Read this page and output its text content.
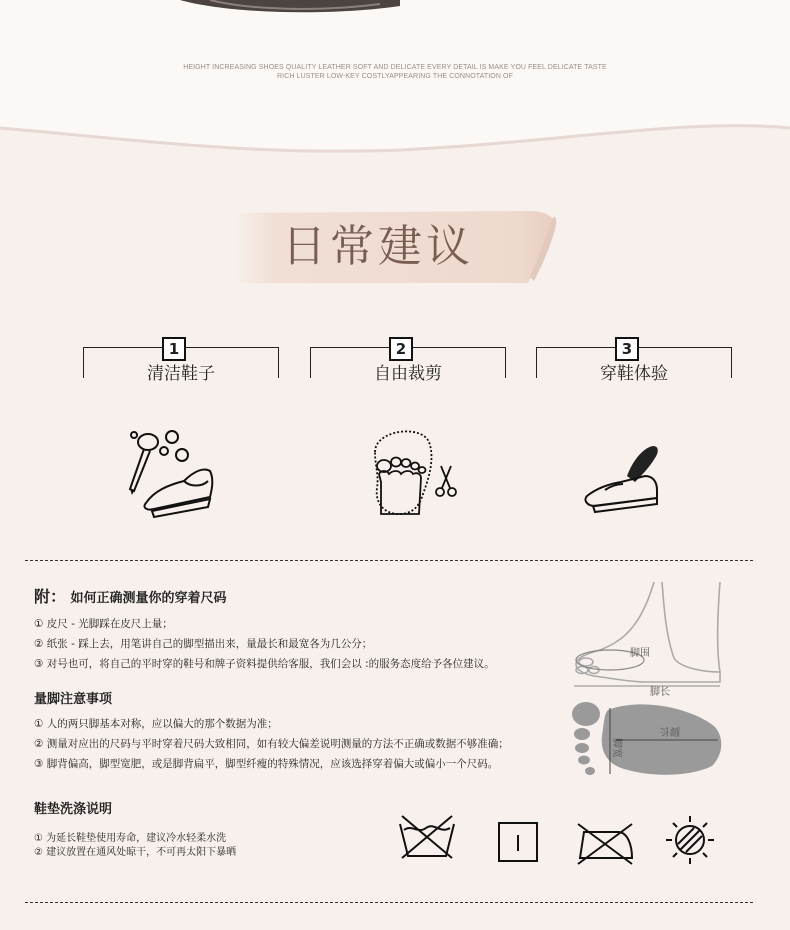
HEIGHT INCREASING SHOES QUALITY LEATHER SOFT AND DELICATE EVERY DETAIL IS MAKE YOU FEEL DELICATE TASTE
RICH LUSTER LOW-KEY COSTLYAPPEARING THE CONNOTATION OF
日常建议
1
清洁鞋子
2
自由裁剪
3
穿鞋体验
附： 如何正确测量你的穿着尺码
① 皮尺 - 光脚踩在皮尺上量；
② 纸张 - 踩上去，用笔讲自己的脚型描出来，量最长和最宽各为几公分；
③ 对号也可，将自己的平时穿的鞋号和牌子资料提供给客服，我们会以 :的服务态度给予各位建议。
脚围
脚长
脚宽
脚长
量脚注意事项
① 人的两只脚基本对称，应以偏大的那个数据为准；
② 测量对应出的尺码与平时穿着尺码大致相同，如有较大偏差说明测量的方法不正确或数据不够准确；
③ 脚背偏高，脚型宽肥，或是脚背扁平，脚型纤瘦的特殊情况，应该选择穿着偏大或偏小一个尺码。
鞋垫洗涤说明
① 为延长鞋垫使用寿命，建议冷水轻柔水洗
② 建议放置在通风处晾干，不可再太阳下暴晒
